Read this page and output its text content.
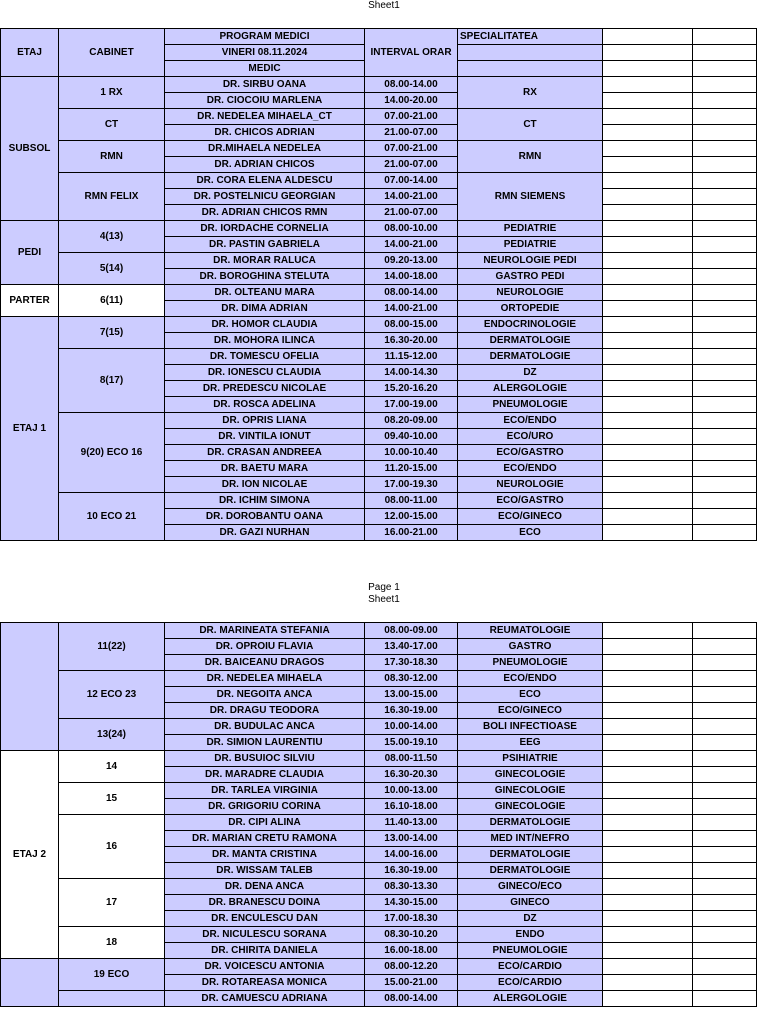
Sheet1
ETAJ	CABINET	PROGRAM MEDICI	INTERVAL ORAR	SPECIALITATEA		
		VINERI 08.11.2024				
		MEDIC				
SUBSOL	1 RX	DR. SIRBU OANA	08.00-14.00	RX		
		DR. CIOCOIU MARLENA	14.00-20.00			
	CT	DR. NEDELEA MIHAELA_CT	07.00-21.00	CT		
		DR. CHICOS ADRIAN	21.00-07.00			
	RMN	DR.MIHAELA NEDELEA	07.00-21.00	RMN		
		DR. ADRIAN CHICOS	21.00-07.00			
	RMN FELIX	DR. CORA ELENA ALDESCU	07.00-14.00	RMN SIEMENS		
		DR. POSTELNICU GEORGIAN	14.00-21.00			
		DR. ADRIAN CHICOS RMN	21.00-07.00			
PEDI	4(13)	DR. IORDACHE CORNELIA	08.00-10.00	PEDIATRIE		
		DR. PASTIN GABRIELA	14.00-21.00	PEDIATRIE		
	5(14)	DR. MORAR RALUCA	09.20-13.00	NEUROLOGIE PEDI		
		DR. BOROGHINA STELUTA	14.00-18.00	GASTRO PEDI		
PARTER	6(11)	DR. OLTEANU MARA	08.00-14.00	NEUROLOGIE		
		DR. DIMA ADRIAN	14.00-21.00	ORTOPEDIE		
ETAJ 1	7(15)	DR. HOMOR CLAUDIA	08.00-15.00	ENDOCRINOLOGIE		
		DR. MOHORA ILINCA	16.30-20.00	DERMATOLOGIE		
	8(17)	DR. TOMESCU OFELIA	11.15-12.00	DERMATOLOGIE		
		DR. IONESCU CLAUDIA	14.00-14.30	DZ		
		DR. PREDESCU NICOLAE	15.20-16.20	ALERGOLOGIE		
		DR. ROSCA ADELINA	17.00-19.00	PNEUMOLOGIE		
	9(20) ECO 16	DR. OPRIS LIANA	08.20-09.00	ECO/ENDO		
		DR. VINTILA IONUT	09.40-10.00	ECO/URO		
		DR. CRASAN ANDREEA	10.00-10.40	ECO/GASTRO		
		DR. BAETU MARA	11.20-15.00	ECO/ENDO		
		DR. ION NICOLAE	17.00-19.30	NEUROLOGIE		
	10 ECO 21	DR. ICHIM SIMONA	08.00-11.00	ECO/GASTRO		
		DR. DOROBANTU OANA	12.00-15.00	ECO/GINECO		
		DR. GAZI NURHAN	16.00-21.00	ECO		
Page 1
Sheet1
	11(22)	DR. MARINEATA STEFANIA	08.00-09.00	REUMATOLOGIE		
		DR. OPROIU FLAVIA	13.40-17.00	GASTRO		
		DR. BAICEANU DRAGOS	17.30-18.30	PNEUMOLOGIE		
	12 ECO 23	DR. NEDELEA MIHAELA	08.30-12.00	ECO/ENDO		
		DR. NEGOITA ANCA	13.00-15.00	ECO		
		DR. DRAGU TEODORA	16.30-19.00	ECO/GINECO		
	13(24)	DR. BUDULAC ANCA	10.00-14.00	BOLI INFECTIOASE		
		DR. SIMION LAURENTIU	15.00-19.10	EEG		
ETAJ 2	14	DR. BUSUIOC SILVIU	08.00-11.50	PSIHIATRIE		
		DR. MARADRE CLAUDIA	16.30-20.30	GINECOLOGIE		
	15	DR. TARLEA VIRGINIA	10.00-13.00	GINECOLOGIE		
		DR. GRIGORIU CORINA	16.10-18.00	GINECOLOGIE		
	16	DR. CIPI ALINA	11.40-13.00	DERMATOLOGIE		
		DR. MARIAN CRETU RAMONA	13.00-14.00	MED INT/NEFRO		
		DR. MANTA CRISTINA	14.00-16.00	DERMATOLOGIE		
		DR. WISSAM TALEB	16.30-19.00	DERMATOLOGIE		
	17	DR. DENA ANCA	08.30-13.30	GINECO/ECO		
		DR. BRANESCU DOINA	14.30-15.00	GINECO		
		DR. ENCULESCU DAN	17.00-18.30	DZ		
	18	DR. NICULESCU SORANA	08.30-10.20	ENDO		
		DR. CHIRITA DANIELA	16.00-18.00	PNEUMOLOGIE		
	19 ECO	DR. VOICESCU ANTONIA	08.00-12.20	ECO/CARDIO		
		DR. ROTAREASA MONICA	15.00-21.00	ECO/CARDIO		
		DR. CAMUESCU ADRIANA	08.00-14.00	ALERGOLOGIE		
